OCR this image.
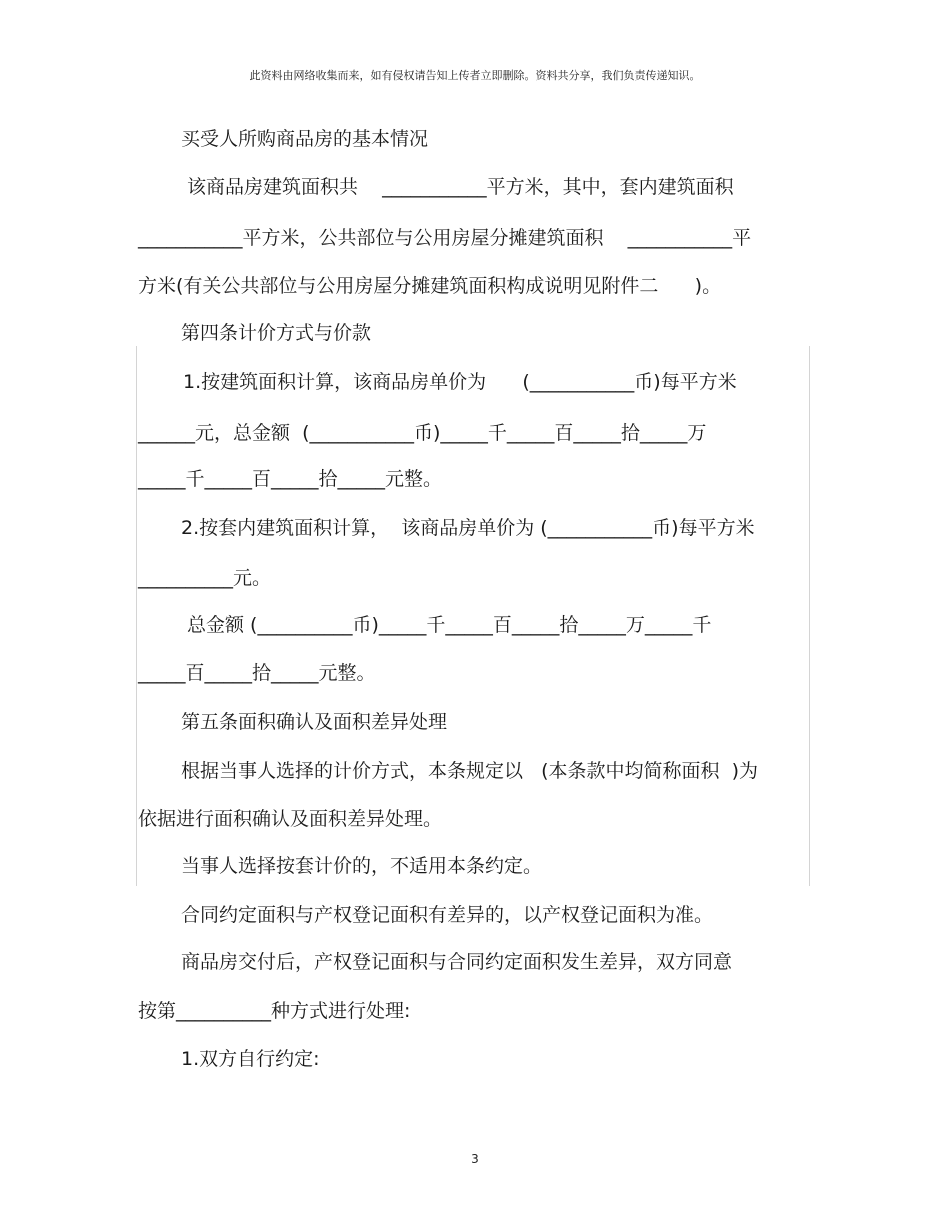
此资料由网络收集而来，如有侵权请告知上传者立即删除。资料共分享，我们负责传递知识。
买受人所购商品房的基本情况
该商品房建筑面积共    ___________平方米，其中，套内建筑面积
___________平方米，公共部位与公用房屋分摊建筑面积    ___________平
方米(有关公共部位与公用房屋分摊建筑面积构成说明见附件二      )。
第四条计价方式与价款
1.按建筑面积计算，该商品房单价为      (___________币)每平方米
______元，总金额  (___________币)_____千_____百_____拾_____万
_____千_____百_____拾_____元整。
2.按套内建筑面积计算，  该商品房单价为 (___________币)每平方米
__________元。
总金额 (__________币)_____千_____百_____拾_____万_____千
_____百_____拾_____元整。
第五条面积确认及面积差异处理
根据当事人选择的计价方式，本条规定以   (本条款中均简称面积  )为
依据进行面积确认及面积差异处理。
当事人选择按套计价的，不适用本条约定。
合同约定面积与产权登记面积有差异的，以产权登记面积为准。
商品房交付后，产权登记面积与合同约定面积发生差异，双方同意
按第__________种方式进行处理:
1.双方自行约定:
3
